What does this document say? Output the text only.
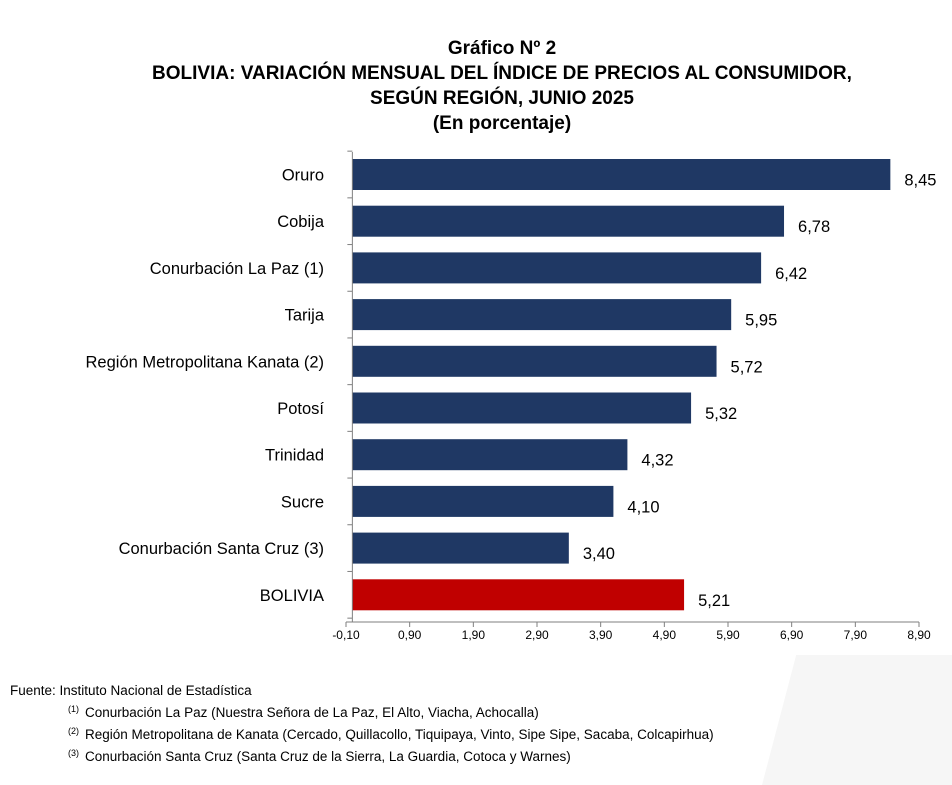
Gráfico Nº 2
BOLIVIA: VARIACIÓN MENSUAL DEL ÍNDICE DE PRECIOS AL CONSUMIDOR,
SEGÚN REGIÓN, JUNIO 2025
(En porcentaje)
Oruro	8,45
Cobija	6,78
Conurbación La Paz (1)	6,42
Tarija	5,95
Región Metropolitana Kanata (2)	5,72
Potosí	5,32
Trinidad	4,32
Sucre	4,10
Conurbación Santa Cruz (3)	3,40
BOLIVIA	5,21
-0,10	0,90	1,90	2,90	3,90	4,90	5,90	6,90	7,90	8,90
Fuente: Instituto Nacional de Estadística
$^{(1)}$ Conurbación La Paz (Nuestra Señora de La Paz, El Alto, Viacha, Achocalla)
$^{(2)}$ Región Metropolitana de Kanata (Cercado, Quillacollo, Tiquipaya, Vinto, Sipe Sipe, Sacaba, Colcapirhua)
$^{(3)}$ Conurbación Santa Cruz (Santa Cruz de la Sierra, La Guardia, Cotoca y Warnes)
